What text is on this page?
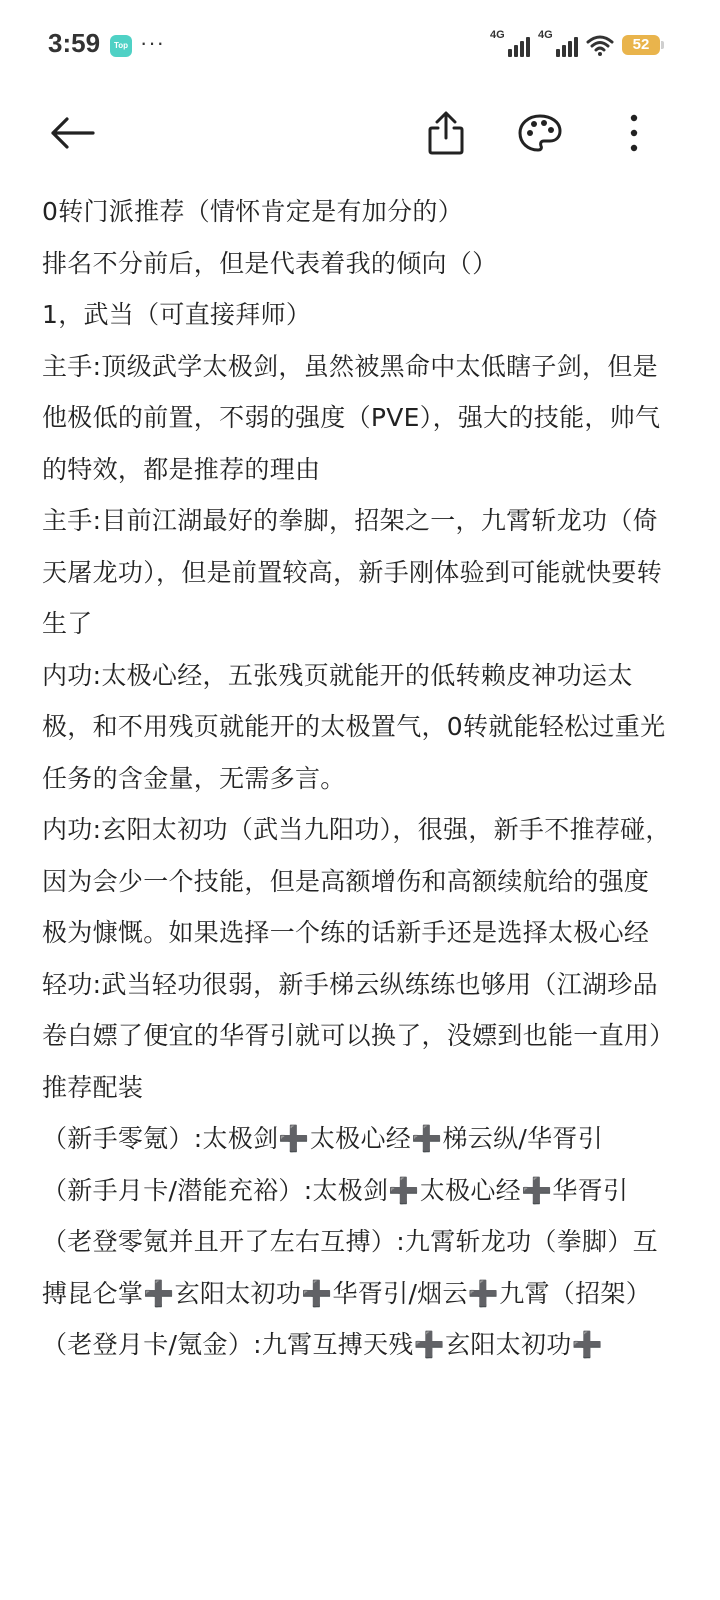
3:59	Top ···	4G	4G
52

0转门派推荐（情怀肯定是有加分的）

排名不分前后，但是代表着我的倾向（）

1，武当（可直接拜师）

主手:顶级武学太极剑，虽然被黑命中太低瞎子剑，但是他极低的前置，不弱的强度（PVE），强大的技能，帅气的特效，都是推荐的理由

主手:目前江湖最好的拳脚，招架之一，九霄斩龙功（倚天屠龙功），但是前置较高，新手刚体验到可能就快要转生了

内功:太极心经，五张残页就能开的低转赖皮神功运太极，和不用残页就能开的太极置气，0转就能轻松过重光任务的含金量，无需多言。

内功:玄阳太初功（武当九阳功），很强，新手不推荐碰，因为会少一个技能，但是高额增伤和高额续航给的强度极为慷慨。如果选择一个练的话新手还是选择太极心经

轻功:武当轻功很弱，新手梯云纵练练也够用（江湖珍品卷白嫖了便宜的华胥引就可以换了，没嫖到也能一直用）

推荐配装

（新手零氪）:太极剑➕太极心经➕梯云纵/华胥引

（新手月卡/潜能充裕）:太极剑➕太极心经➕华胥引

（老登零氪并且开了左右互搏）:九霄斩龙功（拳脚）互搏昆仑掌➕玄阳太初功➕华胥引/烟云➕九霄（招架）

（老登月卡/氪金）:九霄互搏天残➕玄阳太初功➕
